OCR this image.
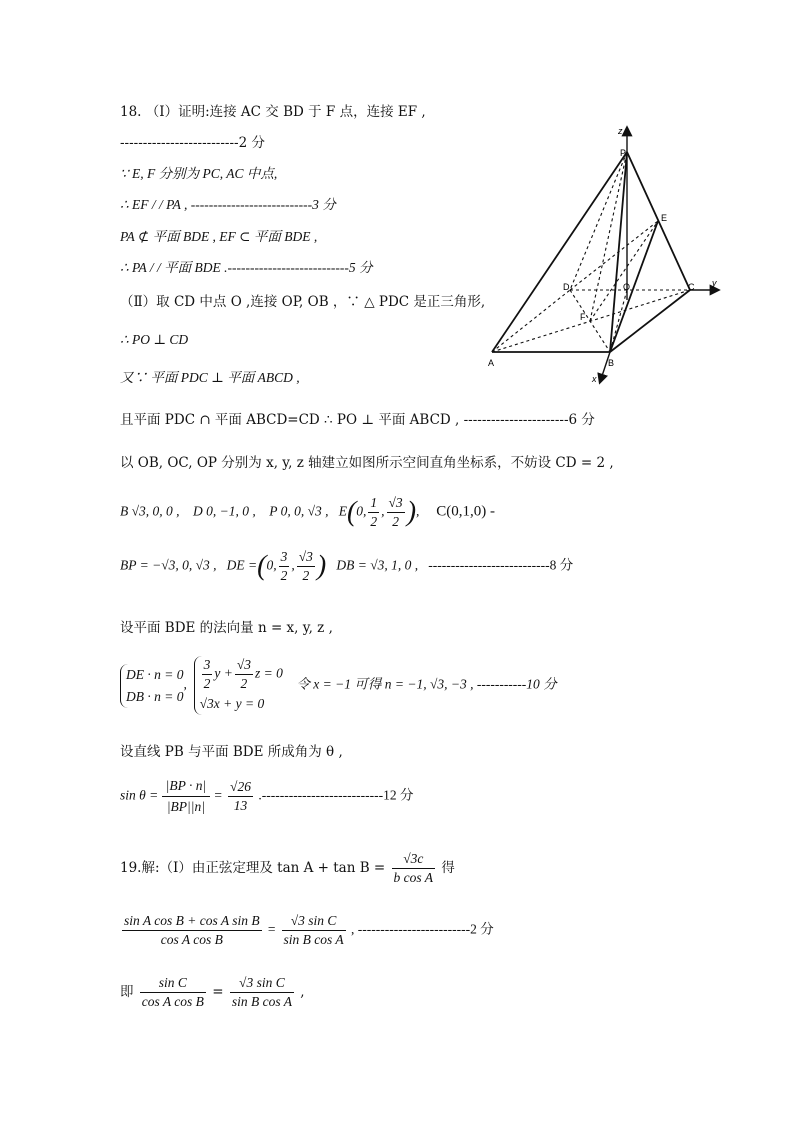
18. （Ⅰ）证明:连接 AC 交 BD 于 F 点，连接 EF ,
--------------------------2 分
∵ E, F 分别为 PC, AC 中点,
∴ EF / / PA , ---------------------------3 分
PA ⊄ 平面 BDE , EF ⊂ 平面 BDE ,
∴ PA / / 平面 BDE .---------------------------5 分
（Ⅱ）取 CD 中点 O ,连接 OP, OB ，∵ △ PDC 是正三角形,
∴ PO ⊥ CD
又∵ 平面 PDC ⊥ 平面 ABCD ,
且平面 PDC ∩ 平面 ABCD=CD ∴ PO ⊥ 平面 ABCD , -----------------------6 分
以 OB, OC, OP 分别为 x, y, z 轴建立如图所示空间直角坐标系，不妨设 CD = 2 ,
B √3, 0, 0 , D 0, −1, 0 , P 0, 0, √3 , E(0, $\frac{1}{2}$ , $\frac{√3}{2}$ ), C(0,1,0) -
BP = −√3, 0, √3 , DE =(0, $\frac{3}{2}$ , $\frac{√3}{2}$ ) DB = √3, 1, 0 , ---------------------------8 分
设平面 BDE 的法向量 n = x, y, z ,
DE · n = 0
DB · n = 0
, $\frac{3}{2}$ $y + \frac{√3}{2}$ z = 0
√3x + y = 0
令 x = −1 可得 n = −1, √3, −3 , -----------10 分
设直线 PB 与平面 BDE 所成角为 θ ,
$\sin \theta = \frac{|BP \cdot n|}{|BP||n|} = \frac{√26}{13} .---------------------------12$ 分
19.解:（Ⅰ）由正弦定理及 $\tan A + \tan B = \frac{√3c}{\text{b cos A}}$ 得
$\frac{\text{sin A cos B + cos A sin B}}{\text{cos A cos B}} = \frac{\text{√3 sin C}}{\text{sin B cos A}}$ , -------------------------2 分
即 $\frac{\text{sin C}}{\text{cos A cos B}} = \frac{\text{√3 sin C}}{\text{sin B cos A}}$ ,
P
E
D	O	C
F
A	B
x
y
z
